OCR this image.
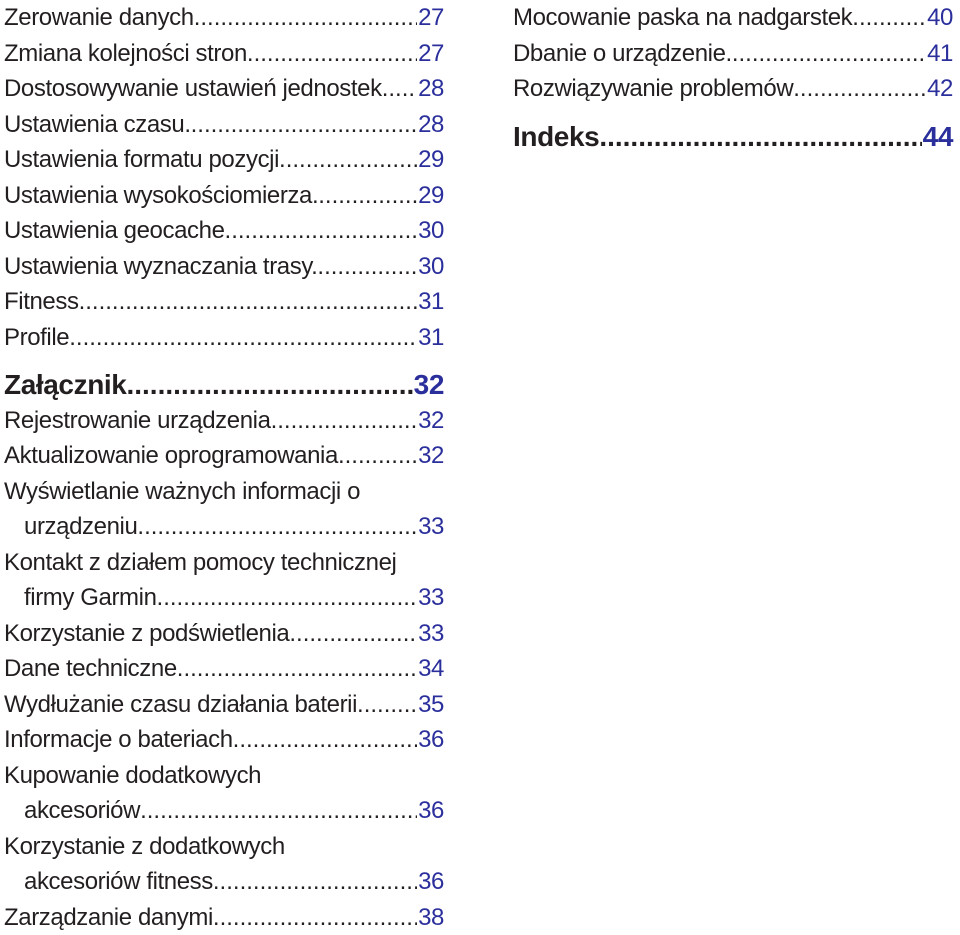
Zerowanie danych .....	27
Zmiana kolejności stron .....	27
Dostosowywanie ustawień jednostek ..... 28
Ustawienia czasu. .....	28
Ustawienia formatu pozycji .....	29
Ustawienia wysokościomierza. .....	29
Ustawienia geocache .....	30
Ustawienia wyznaczania trasy. .....	30
Fitness .....	31
Profile .....	31
Załącznik .....	32
Rejestrowanie urządzenia .....	32
Aktualizowanie oprogramowania .....	32
Wyświetlanie ważnych informacji o
urządzeniu .....	33
Kontakt z działem pomocy technicznej
firmy Garmin .....	33
Korzystanie z podświetlenia .....	33
Dane techniczne .....	34
Wydłużanie czasu działania baterii .....	35
Informacje o bateriach .....	36
Kupowanie dodatkowych
akcesoriów .....	36
Korzystanie z dodatkowych
akcesoriów fitness .....	36
Zarządzanie danymi .....	38
Mocowanie paska na nadgarstek .....	40
Dbanie o urządzenie. .....	41
Rozwiązywanie problemów .....	42
Indeks .....	44
